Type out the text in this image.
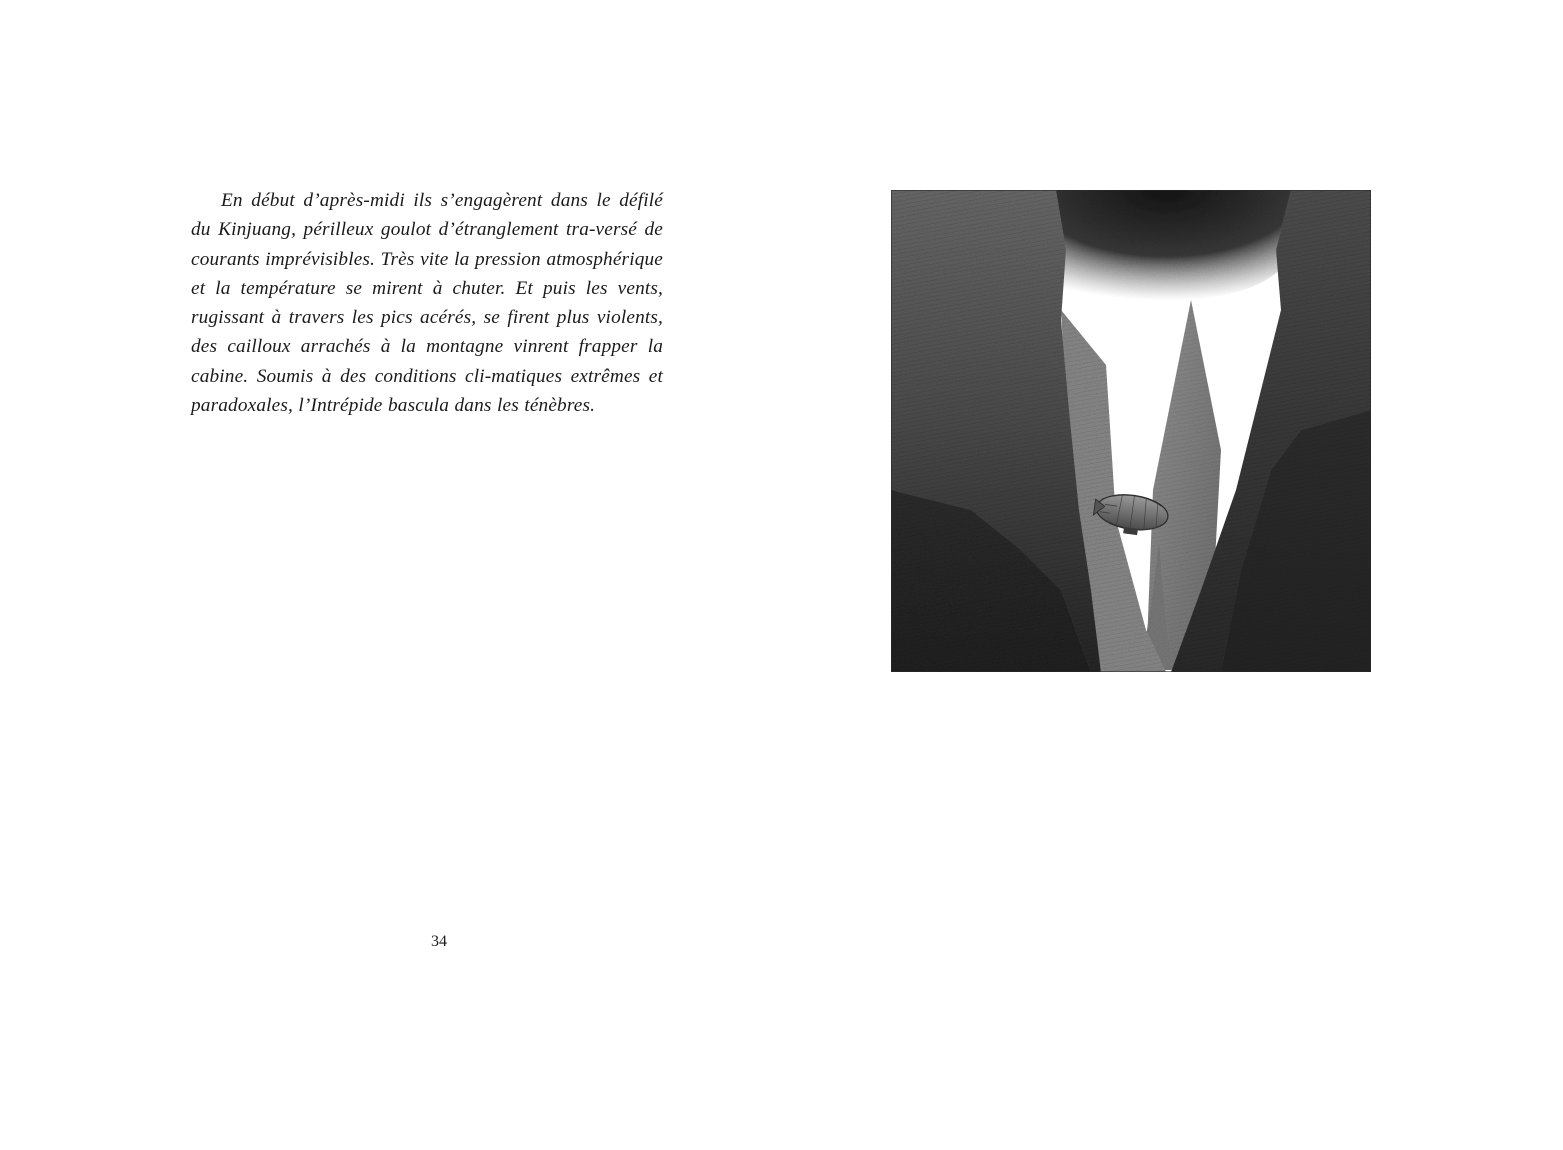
En début d’après-midi ils s’engagèrent dans le défilé du Kinjuang, périlleux goulot d’étranglement tra-versé de courants imprévisibles. Très vite la pression atmosphérique et la température se mirent à chuter. Et puis les vents, rugissant à travers les pics acérés, se firent plus violents, des cailloux arrachés à la montagne vinrent frapper la cabine. Soumis à des conditions cli-matiques extrêmes et paradoxales, l’Intrépide bascula dans les ténèbres.

34
